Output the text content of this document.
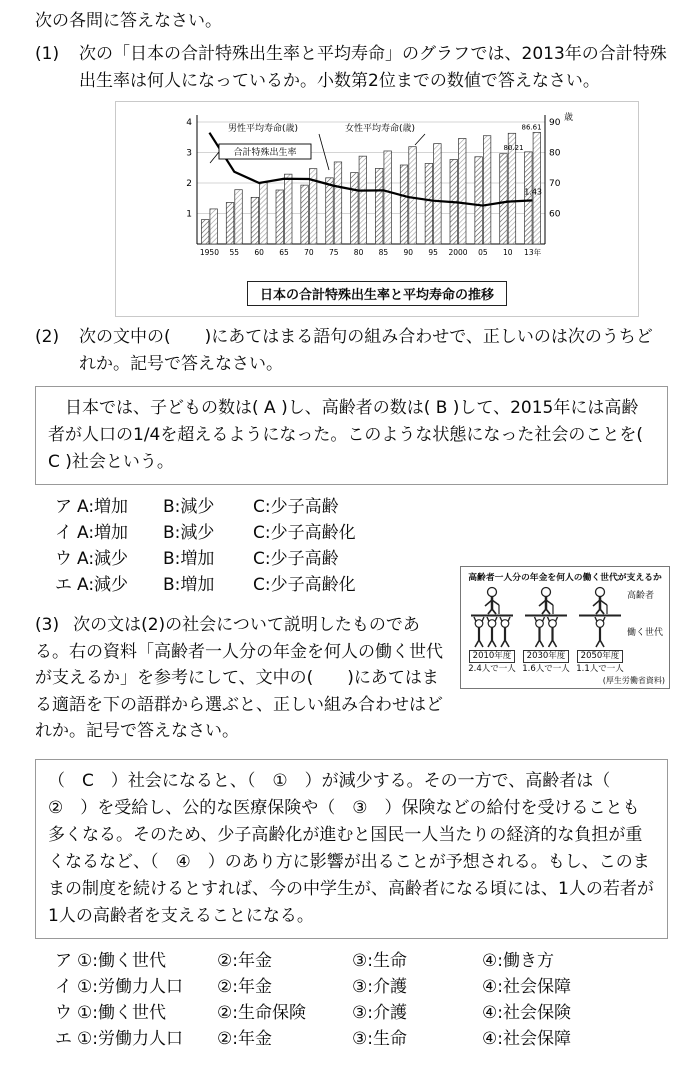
次の各問に答えなさい。

(1)	次の「日本の合計特殊出生率と平均寿命」のグラフでは、2013年の合計特殊出生率は何人になっているか。小数第2位までの数値で答えなさい。
1950 55 60 65 70 75 80 85 90 95 2000 05 10 13年
1
2
3
4
60
70
80
90 歳
86.61
80.21
1.43
男性平均寿命(歳)	女性平均寿命(歳)
合計特殊出生率
日本の合計特殊出生率と平均寿命の推移
(2)	次の文中の(　　)にあてはまる語句の組み合わせで、正しいのは次のうちどれか。記号で答えなさい。

　日本では、子どもの数は( A )し、高齢者の数は( B )して、2015年には高齢者が人口の1/4を超えるようになった。このような状態になった社会のことを( C )社会という。

ア A:増加	B:減少	C:少子高齢
イ A:増加	B:減少	C:少子高齢化
ウ A:減少	B:増加	C:少子高齢
エ A:減少	B:増加	C:少子高齢化

(3) 次の文は(2)の社会について説明したものである。右の資料「高齢者一人分の年金を何人の働く世代が支えるか」を参考にして、文中の(　　)にあてはまる適語を下の語群から選ぶと、正しい組み合わせはどれか。記号で答えなさい。

高齢者一人分の年金を何人の働く世代が支えるか
2010年度
2.4人で一人
2030年度
1.6人で一人
2050年度
1.1人で一人
高齢者
働く世代
(厚生労働省資料)

（　C　）社会になると、（　①　）が減少する。その一方で、高齢者は（　②　）を受給し、公的な医療保険や（　③　）保険などの給付を受けることも多くなる。そのため、少子高齢化が進むと国民一人当たりの経済的な負担が重くなるなど、（　④　）のあり方に影響が出ることが予想される。もし、このままの制度を続けるとすれば、今の中学生が、高齢者になる頃には、1人の若者が1人の高齢者を支えることになる。

ア ①:働く世代	②:年金	③:生命	④:働き方
イ ①:労働力人口	②:年金	③:介護	④:社会保障
ウ ①:働く世代	②:生命保険	③:介護	④:社会保険
エ ①:労働力人口	②:年金	③:生命	④:社会保障
